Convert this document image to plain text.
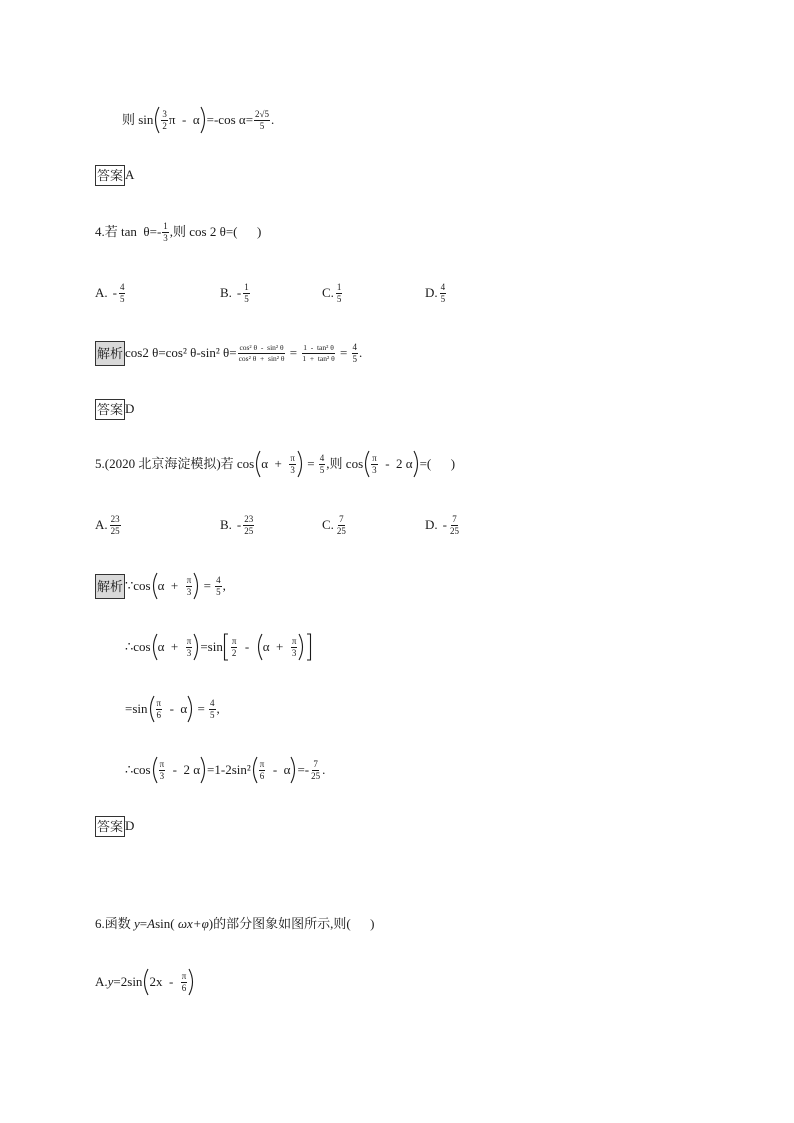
则 $\sin \frac{3}{2}$ π  -  α =-cos $\alpha= \frac{2√5}{5}$ .
答案 A
4.若 $\tan \theta=- \frac{1}{3}$ ,则 cos 2 θ=(      )
A. - $\frac{4}{5}$	B. - $\frac{1}{5}$	C. $\frac{1}{5}$	D. $\frac{4}{5}$
解析 cos2 θ=cos² θ-sin² $\theta= \frac{\text{cos² θ  -  sin² θ}}{\text{cos² θ  +  sin² θ}} = \frac{\text{1  -  tan² θ}}{\text{1  +  tan² θ}} = \frac{4}{5}$ .
答案 D
5.(2020 北京海淀模拟)若 $\cos \alpha + \frac{\pi}{3} = \frac{4}{5}$ ,则 $\cos \frac{\pi}{3} - 2$ α =(      )
A. $\frac{23}{25}$	B. - $\frac{23}{25}$	C. $\frac{7}{25}$	D. - $\frac{7}{25}$
解析 ∵cos $\alpha + \frac{\pi}{3} = \frac{4}{5}$ ,
∴cos $\alpha + \frac{\pi}{3} =\sin \frac{\pi}{2} - \alpha + \frac{\pi}{3}$
$=\sin \frac{\pi}{6} - \alpha = \frac{4}{5}$ ,
∴cos $\frac{\pi}{3} - 2$ $\alpha =1-2\sin^2 \frac{\pi}{6} - \alpha =- \frac{7}{25}$ .
答案 D
6.函数 y = A sin( ωx+φ )的部分图象如图所示,则(      )
A. y =2sin $2x - \frac{\pi}{6}$
